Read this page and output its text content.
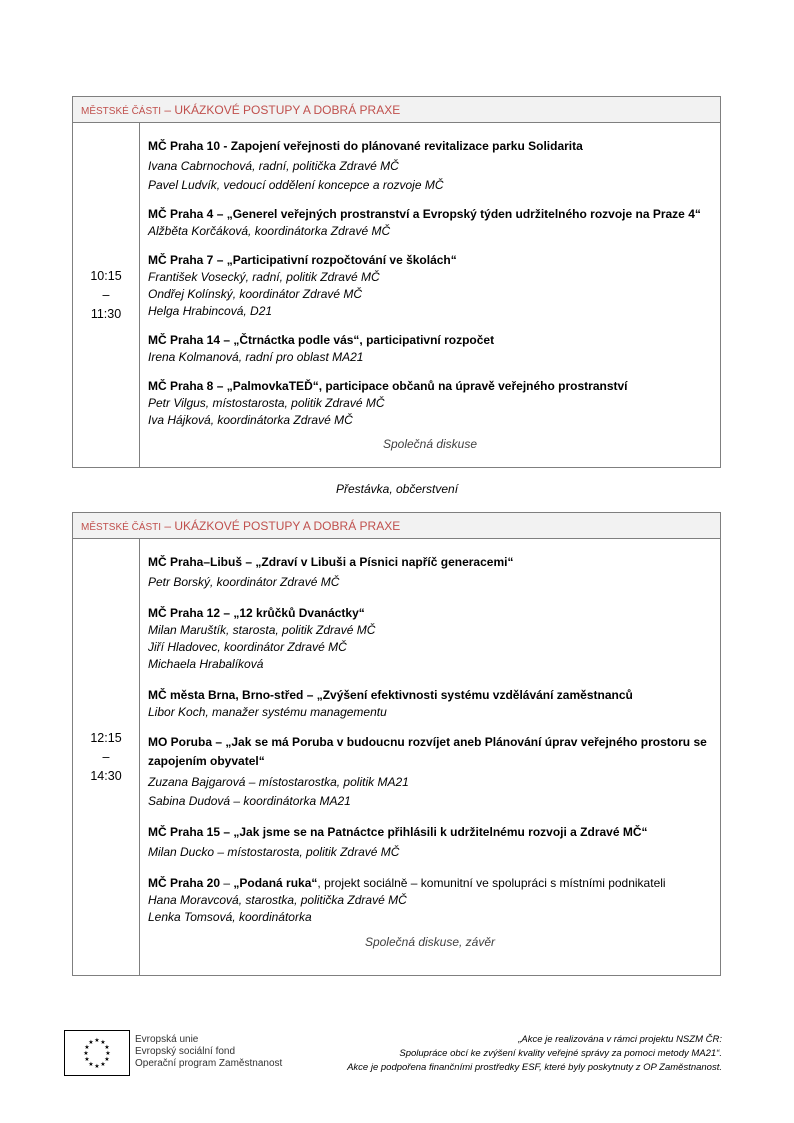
MĚSTSKÉ ČÁSTI – UKÁZKOVÉ POSTUPY A DOBRÁ PRAXE
10:15
–
11:30
MČ Praha 10 - Zapojení veřejnosti do plánované revitalizace parku Solidarita
Ivana Cabrnochová, radní, politička Zdravé MČ
Pavel Ludvík, vedoucí oddělení koncepce a rozvoje MČ
MČ Praha 4 – „Generel veřejných prostranství a Evropský týden udržitelného rozvoje na Praze 4“
Alžběta Korčáková, koordinátorka Zdravé MČ
MČ Praha 7 – „Participativní rozpočtování ve školách“
František Vosecký, radní, politik Zdravé MČ
Ondřej Kolínský, koordinátor Zdravé MČ
Helga Hrabincová, D21
MČ Praha 14 – „Čtrnáctka podle vás“, participativní rozpočet
Irena Kolmanová, radní pro oblast MA21
MČ Praha 8 – „PalmovkaTEĎ“, participace občanů na úpravě veřejného prostranství
Petr Vilgus, místostarosta, politik Zdravé MČ
Iva Hájková, koordinátorka Zdravé MČ
Společná diskuse
Přestávka, občerstvení
MĚSTSKÉ ČÁSTI – UKÁZKOVÉ POSTUPY A DOBRÁ PRAXE
12:15
–
14:30
MČ Praha–Libuš – „Zdraví v Libuši a Písnici napříč generacemi“
Petr Borský, koordinátor Zdravé MČ
MČ Praha 12 – „12 krůčků Dvanáctky“
Milan Maruštík, starosta, politik Zdravé MČ
Jiří Hladovec, koordinátor Zdravé MČ
Michaela Hrabalíková
MČ města Brna, Brno-střed – „Zvýšení efektivnosti systému vzdělávání zaměstnanců
Libor Koch, manažer systému managementu
MO Poruba – „Jak se má Poruba v budoucnu rozvíjet aneb Plánování úprav veřejného prostoru se zapojením obyvatel“
Zuzana Bajgarová – místostarostka, politik MA21
Sabina Dudová – koordinátorka MA21
MČ Praha 15 – „Jak jsme se na Patnáctce přihlásili k udržitelnému rozvoji a Zdravé MČ“
Milan Ducko – místostarosta, politik Zdravé MČ
MČ Praha 20 – „Podaná ruka“, projekt sociálně – komunitní ve spolupráci s místními podnikateli
Hana Moravcová, starostka, politička Zdravé MČ
Lenka Tomsová, koordinátorka
Společná diskuse, závěr
★ ★
★
★
★
★
★
★
★
★
★
★	Evropská unie
Evropský sociální fond
Operační program Zaměstnanost
„Akce je realizována v rámci projektu NSZM ČR:
Spolupráce obcí ke zvýšení kvality veřejné správy za pomoci metody MA21“.
Akce je podpořena finančními prostředky ESF, které byly poskytnuty z OP Zaměstnanost.
